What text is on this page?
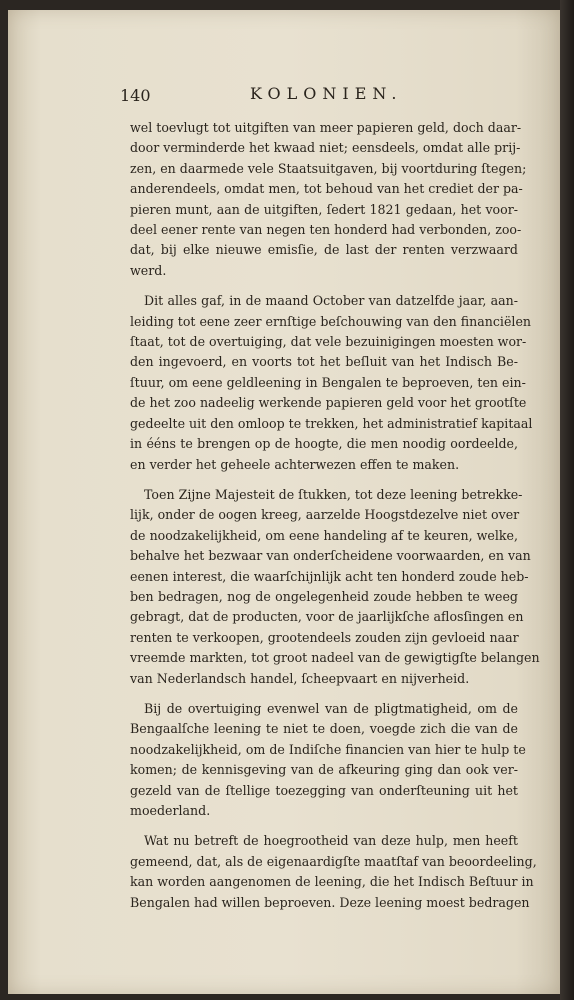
140	KOLONIEN.
wel toevlugt tot uitgiften van meer papieren geld, doch daar-
door verminderde het kwaad niet; eensdeels, omdat alle prij-
zen, en daarmede vele Staatsuitgaven, bij voortduring ſtegen;
anderendeels, omdat men, tot behoud van het crediet der pa-
pieren munt, aan de uitgiften, ſedert 1821 gedaan, het voor-
deel eener rente van negen ten honderd had verbonden, zoo-
dat, bij elke nieuwe emisſie, de last der renten verzwaard
werd.
Dit alles gaf, in de maand October van datzelfde jaar, aan-
leiding tot eene zeer ernſtige beſchouwing van den financiëlen
ſtaat, tot de overtuiging, dat vele bezuinigingen moesten wor-
den ingevoerd, en voorts tot het beſluit van het Indisch Be-
ſtuur, om eene geldleening in Bengalen te beproeven, ten ein-
de het zoo nadeelig werkende papieren geld voor het grootſte
gedeelte uit den omloop te trekken, het administratief kapitaal
in ééns te brengen op de hoogte, die men noodig oordeelde,
en verder het geheele achterwezen effen te maken.
Toen Zijne Majesteit de ſtukken, tot deze leening betrekke-
lijk, onder de oogen kreeg, aarzelde Hoogstdezelve niet over
de noodzakelijkheid, om eene handeling af te keuren, welke,
behalve het bezwaar van onderſcheidene voorwaarden, en van
eenen interest, die waarſchijnlijk acht ten honderd zoude heb-
ben bedragen, nog de ongelegenheid zoude hebben te weeg
gebragt, dat de producten, voor de jaarlijkſche aflosſingen en
renten te verkoopen, grootendeels zouden zijn gevloeid naar
vreemde markten, tot groot nadeel van de gewigtigſte belangen
van Nederlandsch handel, ſcheepvaart en nijverheid.
Bij de overtuiging evenwel van de pligtmatigheid, om de
Bengaalſche leening te niet te doen, voegde zich die van de
noodzakelijkheid, om de Indiſche financien van hier te hulp te
komen; de kennisgeving van de afkeuring ging dan ook ver-
gezeld van de ſtellige toezegging van onderſteuning uit het
moederland.
Wat nu betreft de hoegrootheid van deze hulp, men heeft
gemeend, dat, als de eigenaardigſte maatſtaf van beoordeeling,
kan worden aangenomen de leening, die het Indisch Beſtuur in
Bengalen had willen beproeven. Deze leening moest bedragen
